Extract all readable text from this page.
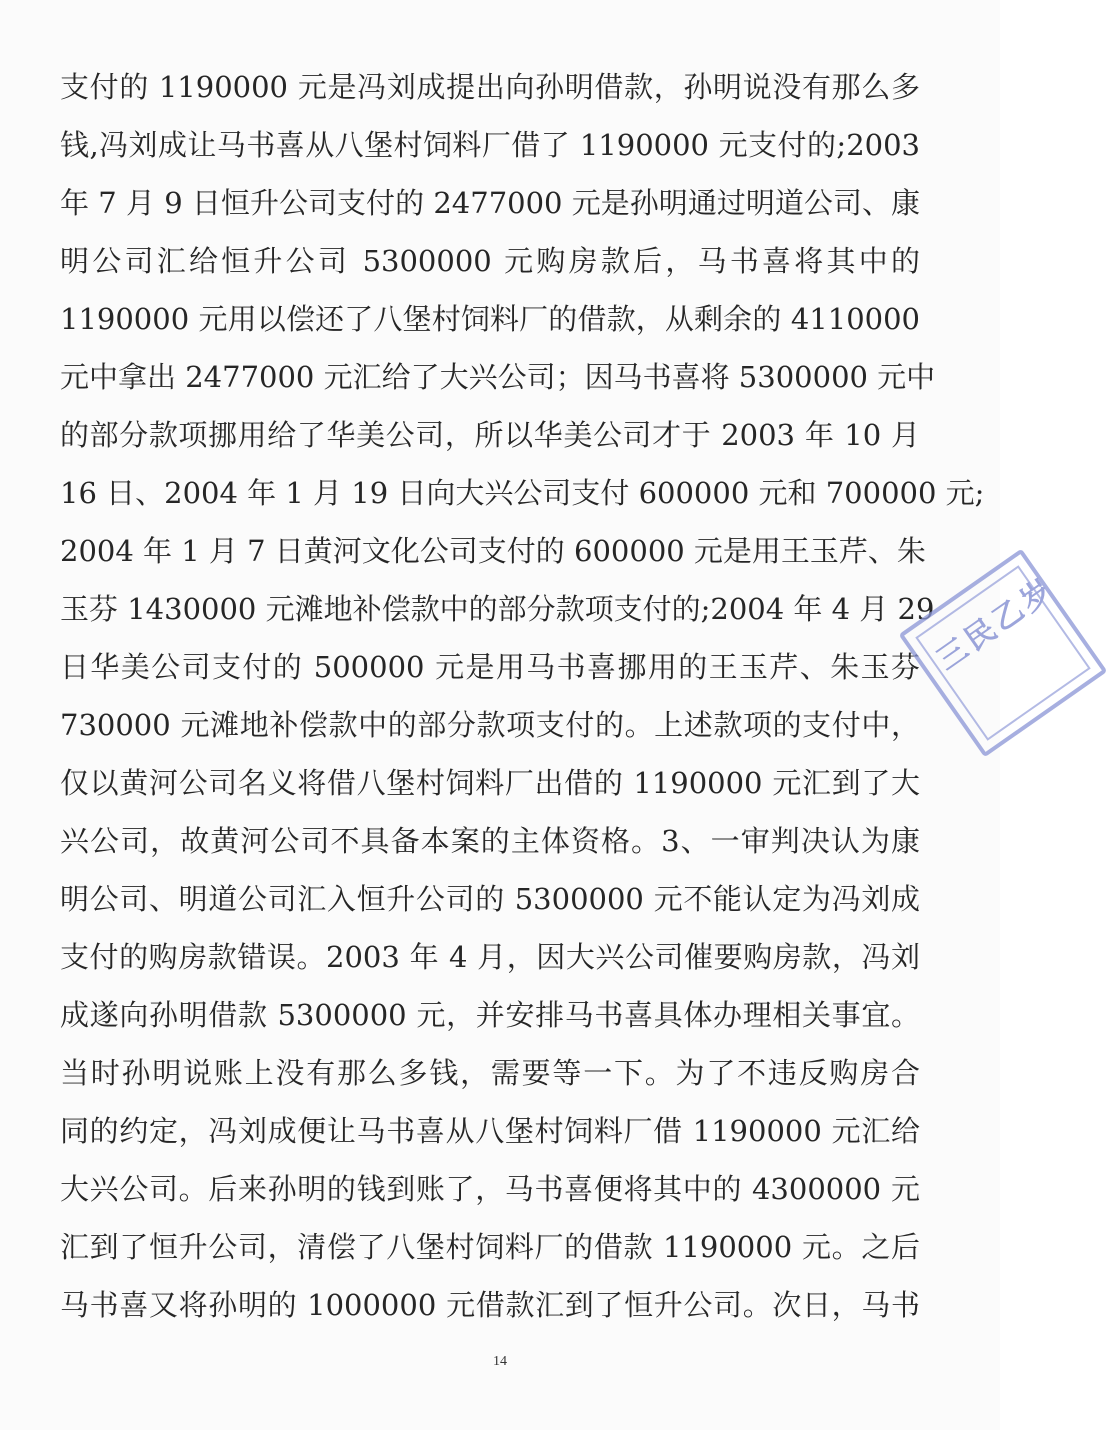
支付的 1190000 元是冯刘成提出向孙明借款，孙明说没有那么多
钱,冯刘成让马书喜从八堡村饲料厂借了 1190000 元支付的;2003
年 7 月 9 日恒升公司支付的 2477000 元是孙明通过明道公司、康
明公司汇给恒升公司 5300000 元购房款后，马书喜将其中的
1190000 元用以偿还了八堡村饲料厂的借款，从剩余的 4110000
元中拿出 2477000 元汇给了大兴公司；因马书喜将 5300000 元中
的部分款项挪用给了华美公司，所以华美公司才于 2003 年 10 月
16 日、2004 年 1 月 19 日向大兴公司支付 600000 元和 700000 元;
2004 年 1 月 7 日黄河文化公司支付的 600000 元是用王玉芹、朱
玉芬 1430000 元滩地补偿款中的部分款项支付的;2004 年 4 月 29
日华美公司支付的 500000 元是用马书喜挪用的王玉芹、朱玉芬
730000 元滩地补偿款中的部分款项支付的。上述款项的支付中，
仅以黄河公司名义将借八堡村饲料厂出借的 1190000 元汇到了大
兴公司，故黄河公司不具备本案的主体资格。3、一审判决认为康
明公司、明道公司汇入恒升公司的 5300000 元不能认定为冯刘成
支付的购房款错误。2003 年 4 月，因大兴公司催要购房款，冯刘
成遂向孙明借款 5300000 元，并安排马书喜具体办理相关事宜。
当时孙明说账上没有那么多钱，需要等一下。为了不违反购房合
同的约定，冯刘成便让马书喜从八堡村饲料厂借 1190000 元汇给
大兴公司。后来孙明的钱到账了，马书喜便将其中的 4300000 元
汇到了恒升公司，清偿了八堡村饲料厂的借款 1190000 元。之后
马书喜又将孙明的 1000000 元借款汇到了恒升公司。次日，马书
三民乙岁
14
